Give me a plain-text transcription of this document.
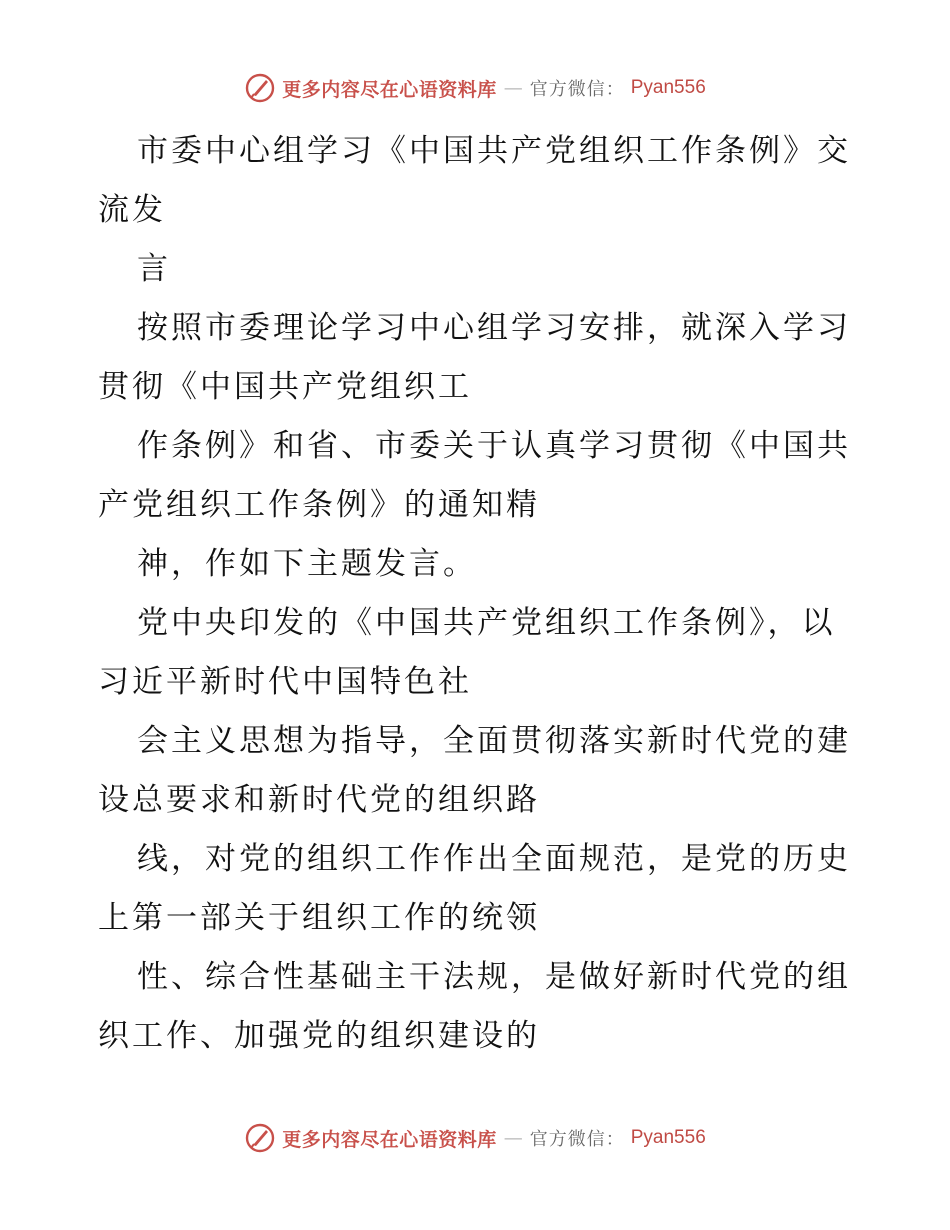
更多内容尽在心语资料库 — 官方微信： Pyan556
市委中心组学习《中国共产党组织工作条例》交
流发
言
按照市委理论学习中心组学习安排，就深入学习
贯彻《中国共产党组织工
作条例》和省、市委关于认真学习贯彻《中国共
产党组织工作条例》的通知精
神，作如下主题发言。
党中央印发的《中国共产党组织工作条例》，以
习近平新时代中国特色社
会主义思想为指导，全面贯彻落实新时代党的建
设总要求和新时代党的组织路
线，对党的组织工作作出全面规范，是党的历史
上第一部关于组织工作的统领
性、综合性基础主干法规，是做好新时代党的组
织工作、加强党的组织建设的
更多内容尽在心语资料库 — 官方微信： Pyan556
